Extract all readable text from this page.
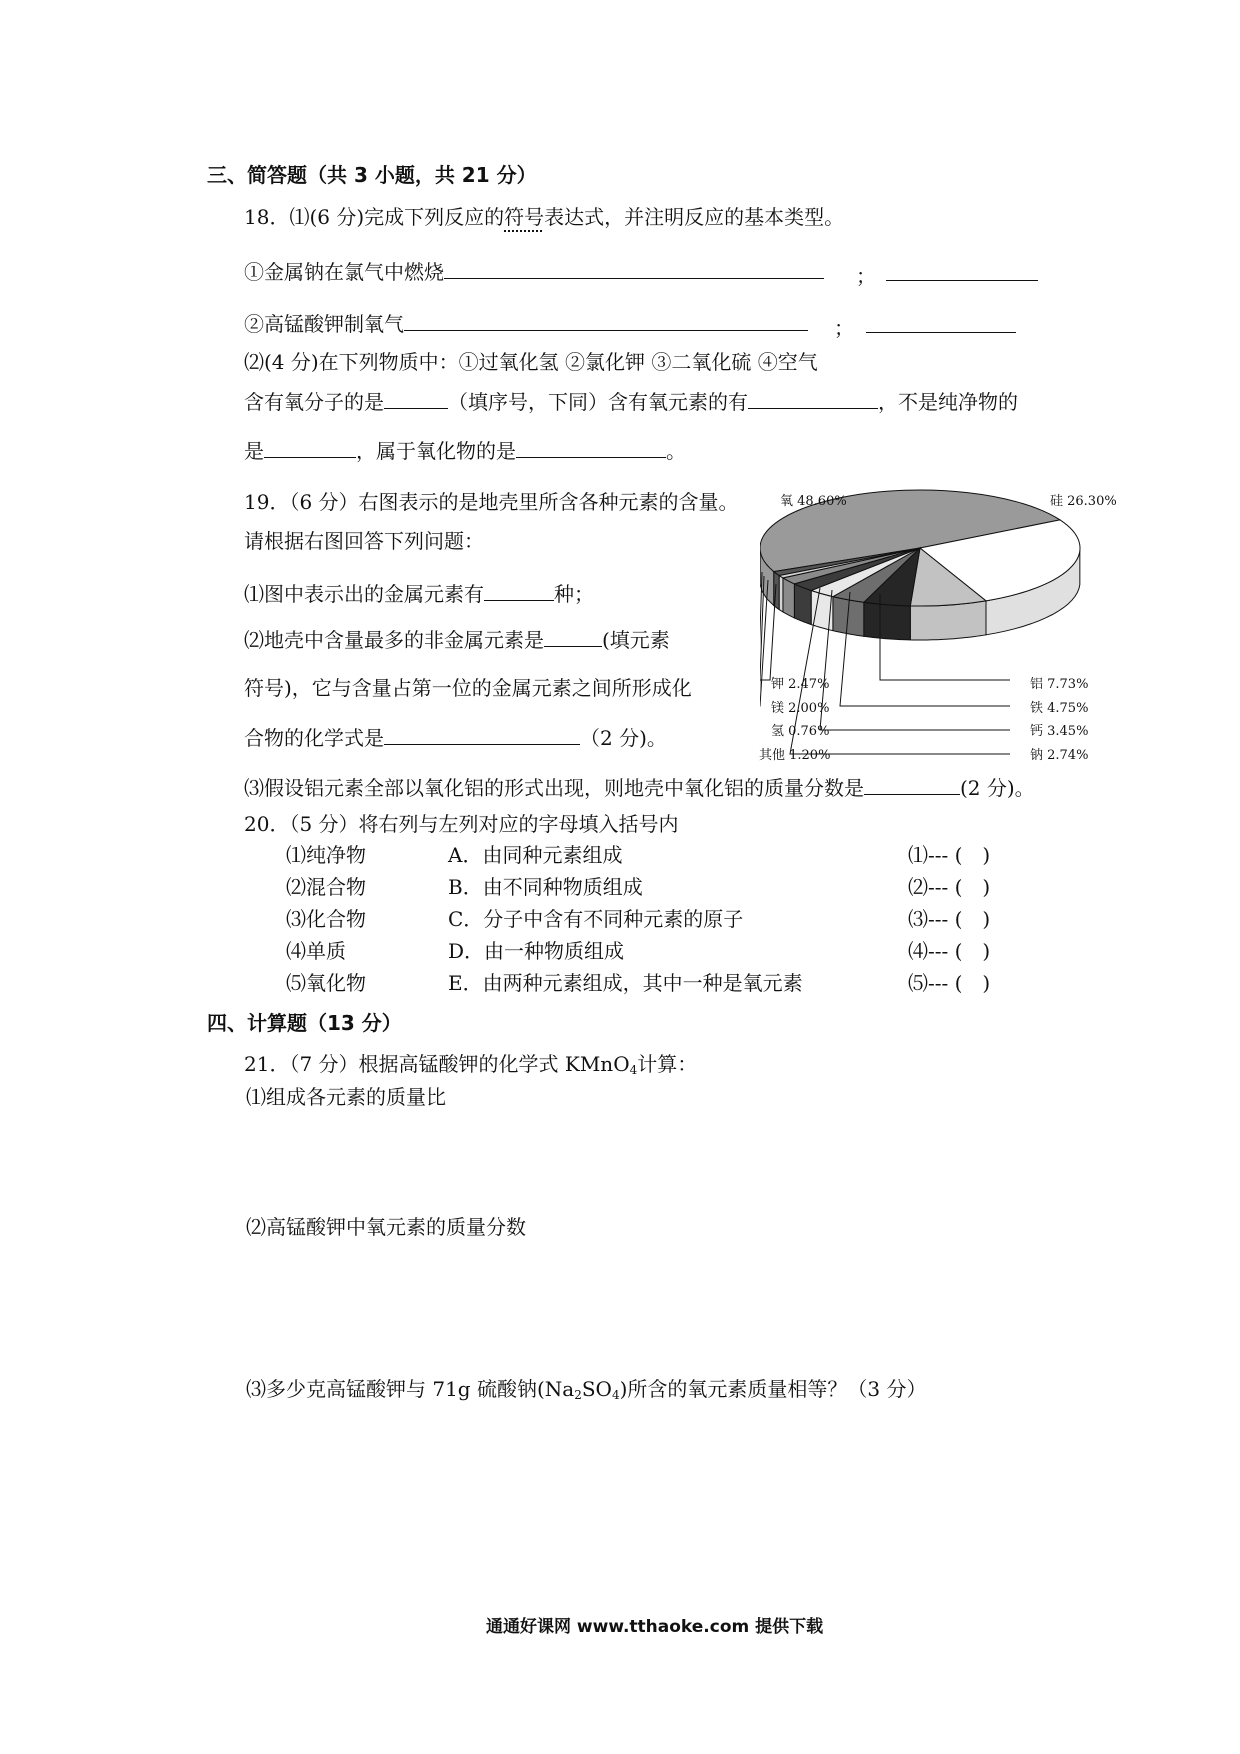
三、简答题（共 3 小题，共 21 分）
18．⑴(6 分)完成下列反应的符号表达式，并注明反应的基本类型。
①金属钠在氯气中燃烧	；
②高锰酸钾制氧气	；
⑵(4 分)在下列物质中：①过氧化氢 ②氯化钾 ③二氧化硫 ④空气
含有氧分子的是	（填序号，下同）含有氧元素的有	，不是纯净物的
是	，属于氧化物的是	。
19．（6 分）右图表示的是地壳里所含各种元素的含量。
请根据右图回答下列问题：
⑴图中表示出的金属元素有	种；
⑵地壳中含量最多的非金属元素是	(填元素
符号)，它与含量占第一位的金属元素之间所形成化
合物的化学式是	（2 分)。
⑶假设铝元素全部以氧化铝的形式出现，则地壳中氧化铝的质量分数是	(2 分)。
20．（5 分）将右列与左列对应的字母填入括号内
⑴纯净物	A．由同种元素组成	⑴--- (　)
⑵混合物	B．由不同种物质组成	⑵--- (　)
⑶化合物	C．分子中含有不同种元素的原子	⑶--- (　)
⑷单质	D．由一种物质组成	⑷--- (　)
⑸氧化物	E．由两种元素组成，其中一种是氧元素	⑸--- (　)
四、计算题（13 分）
21．（7 分）根据高锰酸钾的化学式 KMnO$_4$计算：
⑴组成各元素的质量比
⑵高锰酸钾中氧元素的质量分数
⑶多少克高锰酸钾与 71g 硫酸钠$(Na_2SO_4)$所含的氧元素质量相等？（3 分）
通通好课网 www.tthaoke.com 提供下载
氧 48.60%	硅 26.30%
铝 7.73%
铁 4.75%
钙 3.45%
钠 2.74%
钾 2.47%
镁 2.00%
氢 0.76%
其他 1.20%
